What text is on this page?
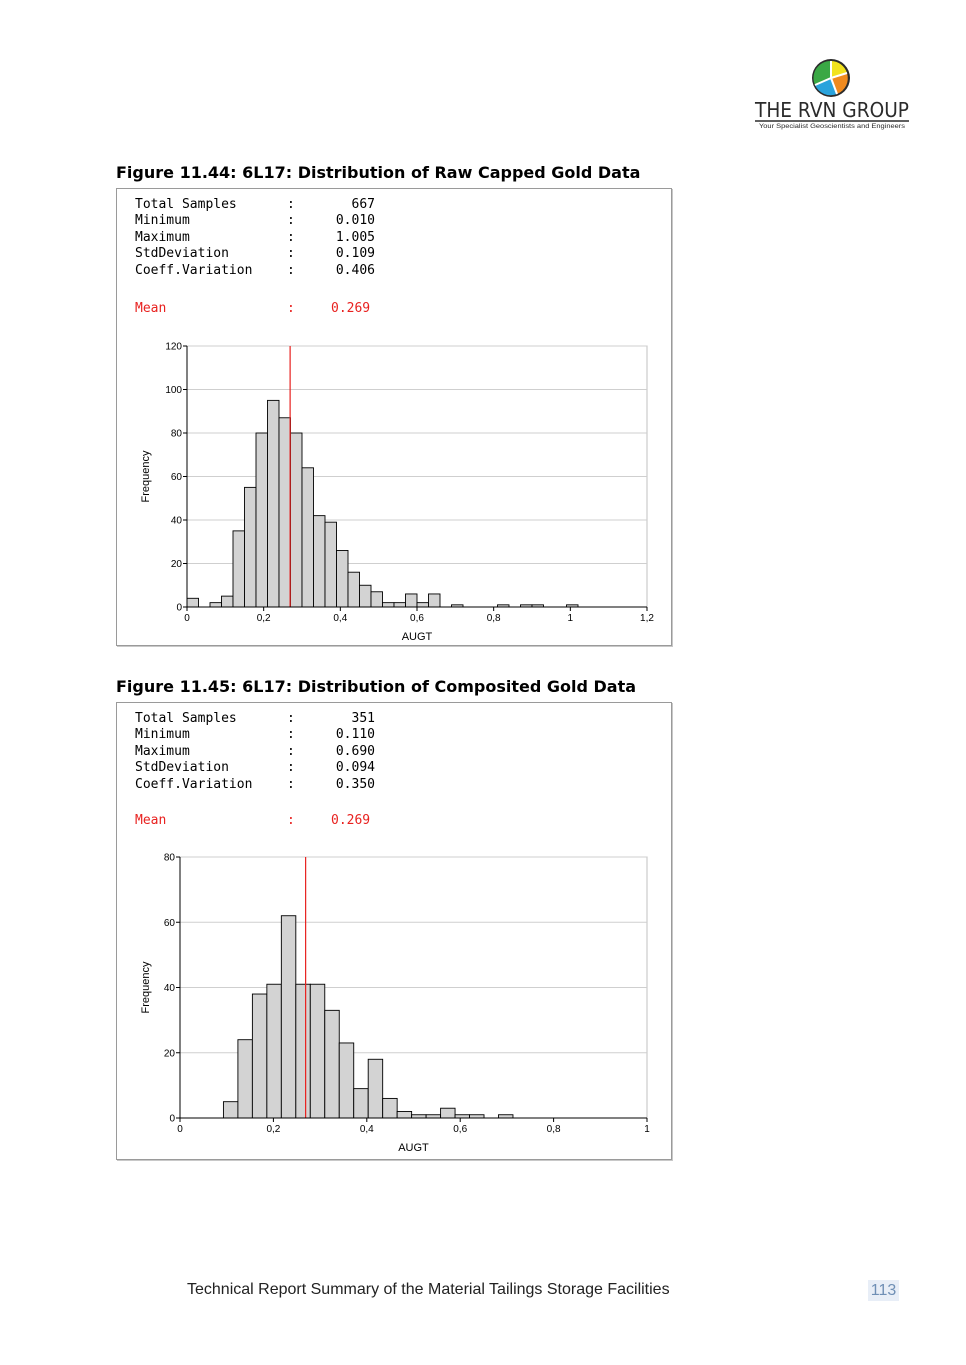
THE RVN GROUP
Your Specialist Geoscientists and Engineers
Figure 11.44: 6L17: Distribution of Raw Capped Gold Data
Total Samples	:	667
Minimum	:	0.010
Maximum	:	1.005
StdDeviation	:	0.109
Coeff.Variation	:	0.406
Mean	:	0.269
0
20
40
60
80
100
120
0	0,2	0,4	0,6	0,8	1	1,2
AUGT
Frequency
Figure 11.45: 6L17: Distribution of Composited Gold Data
Total Samples	:	351
Minimum	:	0.110
Maximum	:	0.690
StdDeviation	:	0.094
Coeff.Variation	:	0.350
Mean	:	0.269
0
20
40
60
80
0	0,2	0,4	0,6	0,8	1
AUGT
Frequency
Technical Report Summary of the Material Tailings Storage Facilities	113
